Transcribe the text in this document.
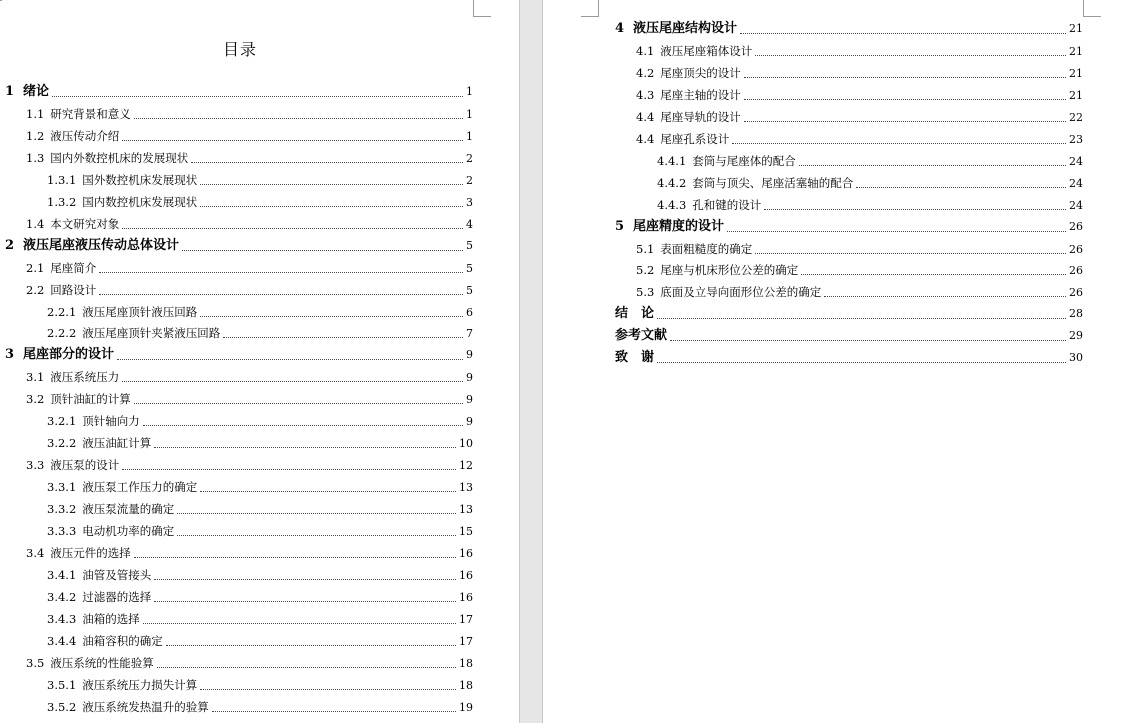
目录
1 绪论	1
1.1 研究背景和意义	1
1.2 液压传动介绍	1
1.3 国内外数控机床的发展现状	2
1.3.1 国外数控机床发展现状	2
1.3.2 国内数控机床发展现状	3
1.4 本文研究对象	4
2 液压尾座液压传动总体设计	5
2.1 尾座简介	5
2.2 回路设计	5
2.2.1 液压尾座顶针液压回路	6
2.2.2 液压尾座顶针夹紧液压回路	7
3 尾座部分的设计	9
3.1 液压系统压力	9
3.2 顶针油缸的计算	9
3.2.1 顶针轴向力	9
3.2.2 液压油缸计算	10
3.3 液压泵的设计	12
3.3.1 液压泵工作压力的确定	13
3.3.2 液压泵流量的确定	13
3.3.3 电动机功率的确定	15
3.4 液压元件的选择	16
3.4.1 油管及管接头	16
3.4.2 过滤器的选择	16
3.4.3 油箱的选择	17
3.4.4 油箱容积的确定	17
3.5 液压系统的性能验算	18
3.5.1 液压系统压力损失计算	18
3.5.2 液压系统发热温升的验算	19
4 液压尾座结构设计	21
4.1 液压尾座箱体设计	21
4.2 尾座顶尖的设计	21
4.3 尾座主轴的设计	21
4.4 尾座导轨的设计	22
4.4 尾座孔系设计	23
4.4.1 套筒与尾座体的配合	24
4.4.2 套筒与顶尖、尾座活塞轴的配合	24
4.4.3 孔和键的设计	24
5 尾座精度的设计	26
5.1 表面粗糙度的确定	26
5.2 尾座与机床形位公差的确定	26
5.3 底面及立导向面形位公差的确定	26
结　论	28
参考文献	29
致　谢	30
